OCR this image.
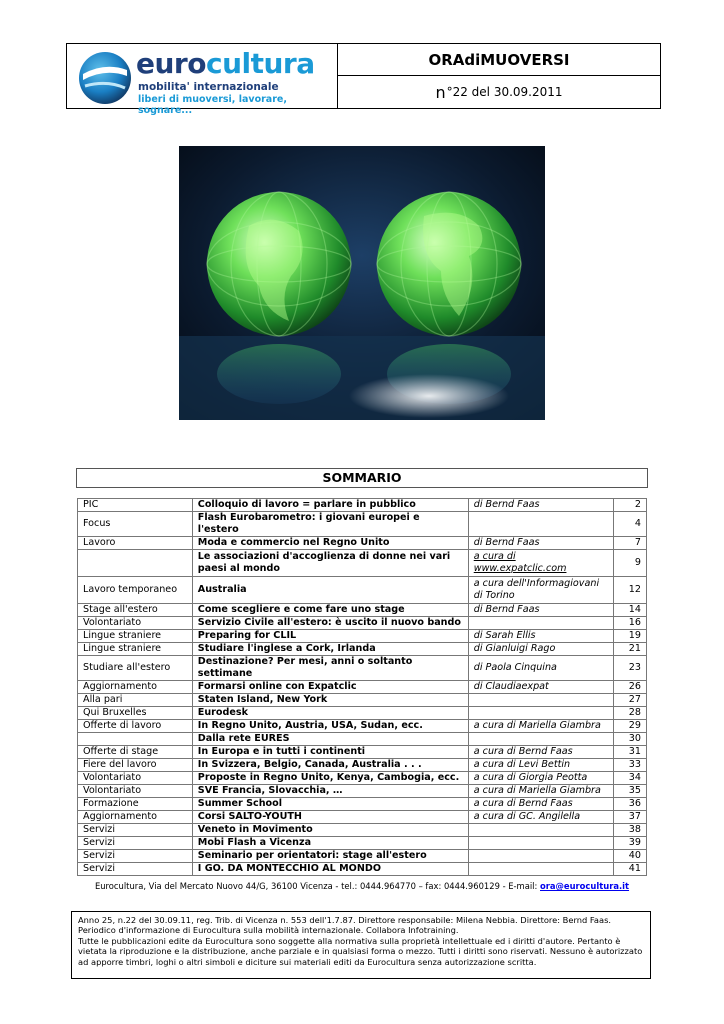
eurocultura
mobilita' internazionale
liberi di muoversi, lavorare, sognare...
ORAdiMUOVERSI
n °22 del 30.09.2011
SOMMARIO
PIC	Colloquio di lavoro = parlare in pubblico	di Bernd Faas	2
Focus	Flash Eurobarometro: i giovani europei e l'estero		4
Lavoro	Moda e commercio nel Regno Unito	di Bernd Faas	7
	Le associazioni d'accoglienza di donne nei vari paesi al mondo	a cura di www.expatclic.com	9
Lavoro temporaneo	Australia	a cura dell'Informagiovani di Torino	12
Stage all'estero	Come scegliere e come fare uno stage	di Bernd Faas	14
Volontariato	Servizio Civile all'estero: è uscito il nuovo bando		16
Lingue straniere	Preparing for CLIL	di Sarah Ellis	19
Lingue straniere	Studiare l'inglese a Cork, Irlanda	di Gianluigi Rago	21
Studiare all'estero	Destinazione? Per mesi, anni o soltanto settimane	di Paola Cinquina	23
Aggiornamento	Formarsi online con Expatclic	di Claudiaexpat	26
Alla pari	Staten Island, New York		27
Qui Bruxelles	Eurodesk		28
Offerte di lavoro	In Regno Unito, Austria, USA, Sudan, ecc.	a cura di Mariella Giambra	29
	Dalla rete EURES		30
Offerte di stage	In Europa e in tutti i continenti	a cura di Bernd Faas	31
Fiere del lavoro	In Svizzera, Belgio, Canada, Australia . . .	a cura di Levi Bettin	33
Volontariato	Proposte in Regno Unito, Kenya, Cambogia, ecc.	a cura di Giorgia Peotta	34
Volontariato	SVE Francia, Slovacchia, …	a cura di Mariella Giambra	35
Formazione	Summer School	a cura di Bernd Faas	36
Aggiornamento	Corsi SALTO-YOUTH	a cura di GC. Angilella	37
Servizi	Veneto in Movimento		38
Servizi	Mobi Flash a Vicenza		39
Servizi	Seminario per orientatori: stage all'estero		40
Servizi	I GO. DA MONTECCHIO AL MONDO		41
Eurocultura, Via del Mercato Nuovo 44/G, 36100 Vicenza - tel.: 0444.964770 – fax: 0444.960129 - E-mail: ora@eurocultura.it

Anno 25, n.22 del 30.09.11, reg. Trib. di Vicenza n. 553 dell'1.7.87. Direttore responsabile: Milena Nebbia. Direttore: Bernd Faas. Periodico d'informazione di Eurocultura sulla mobilità internazionale. Collabora Infotraining.

Tutte le pubblicazioni edite da Eurocultura sono soggette alla normativa sulla proprietà intellettuale ed i diritti d'autore. Pertanto è vietata la riproduzione e la distribuzione, anche parziale e in qualsiasi forma o mezzo. Tutti i diritti sono riservati. Nessuno è autorizzato ad apporre timbri, loghi o altri simboli e diciture sui materiali editi da Eurocultura senza autorizzazione scritta.
